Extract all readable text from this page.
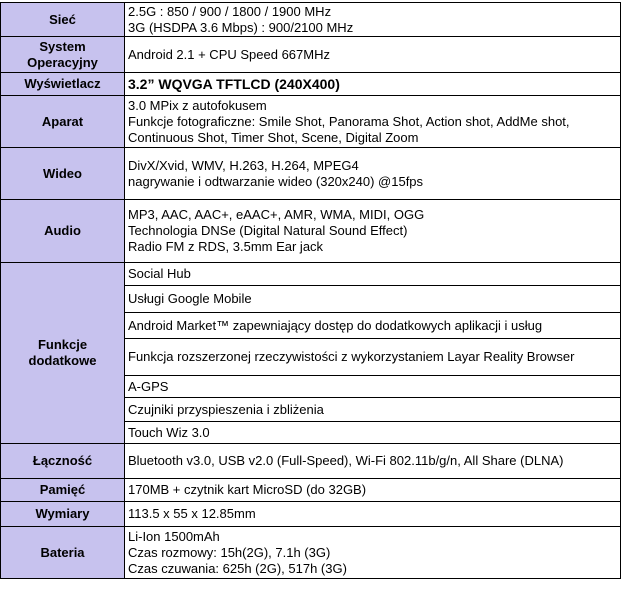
Sieć	2.5G : 850 / 900 / 1800 / 1900 MHz
3G (HSDPA 3.6 Mbps) : 900/2100 MHz

System Operacyjny	Android 2.1 + CPU Speed 667MHz

Wyświetlacz	3.2” WQVGA TFTLCD (240X400)

Aparat	3.0 MPix z autofokusem
Funkcje fotograficzne: Smile Shot, Panorama Shot, Action shot, AddMe shot, Continuous Shot, Timer Shot, Scene, Digital Zoom

Wideo	DivX/Xvid, WMV, H.263, H.264, MPEG4
nagrywanie i odtwarzanie wideo (320x240) @15fps

Audio	MP3, AAC, AAC+, eAAC+, AMR, WMA, MIDI, OGG
Technologia DNSe (Digital Natural Sound Effect)
Radio FM z RDS, 3.5mm Ear jack

Funkcje dodatkowe	Social Hub
	Usługi Google Mobile
	Android Market™ zapewniający dostęp do dodatkowych aplikacji i usług
	Funkcja rozszerzonej rzeczywistości z wykorzystaniem Layar Reality Browser
	A-GPS
	Czujniki przyspieszenia i zbliżenia
	Touch Wiz 3.0
Łączność	Bluetooth v3.0, USB v2.0 (Full-Speed), Wi-Fi 802.11b/g/n, All Share (DLNA)

Pamięć	170MB + czytnik kart MicroSD (do 32GB)

Wymiary	113.5 x 55 x 12.85mm

Bateria	Li-Ion 1500mAh
Czas rozmowy: 15h(2G), 7.1h (3G)
Czas czuwania: 625h (2G), 517h (3G)
